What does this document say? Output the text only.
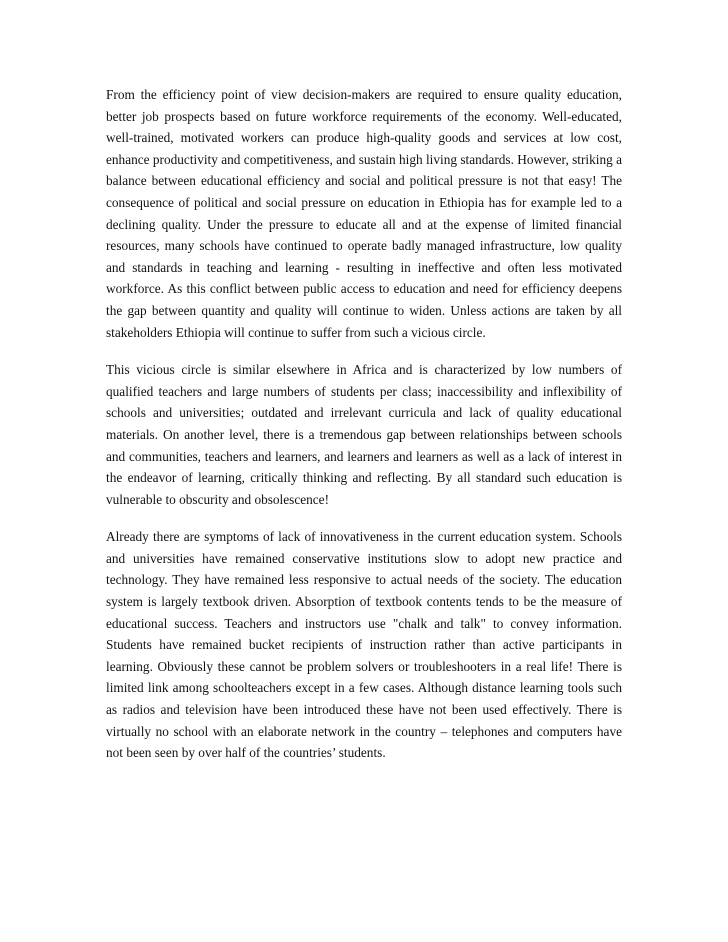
From the efficiency point of view decision-makers are required to ensure quality education, better job prospects based on future workforce requirements of the economy. Well-educated, well-trained, motivated workers can produce high-quality goods and services at low cost, enhance productivity and competitiveness, and sustain high living standards. However, striking a balance between educational efficiency and social and political pressure is not that easy! The consequence of political and social pressure on education in Ethiopia has for example led to a declining quality. Under the pressure to educate all and at the expense of limited financial resources, many schools have continued to operate badly managed infrastructure, low quality and standards in teaching and learning - resulting in ineffective and often less motivated workforce. As this conflict between public access to education and need for efficiency deepens the gap between quantity and quality will continue to widen. Unless actions are taken by all stakeholders Ethiopia will continue to suffer from such a vicious circle.

This vicious circle is similar elsewhere in Africa and is characterized by low numbers of qualified teachers and large numbers of students per class; inaccessibility and inflexibility of schools and universities; outdated and irrelevant curricula and lack of quality educational materials. On another level, there is a tremendous gap between relationships between schools and communities, teachers and learners, and learners and learners as well as a lack of interest in the endeavor of learning, critically thinking and reflecting. By all standard such education is vulnerable to obscurity and obsolescence!

Already there are symptoms of lack of innovativeness in the current education system. Schools and universities have remained conservative institutions slow to adopt new practice and technology. They have remained less responsive to actual needs of the society. The education system is largely textbook driven. Absorption of textbook contents tends to be the measure of educational success. Teachers and instructors use "chalk and talk" to convey information. Students have remained bucket recipients of instruction rather than active participants in learning. Obviously these cannot be problem solvers or troubleshooters in a real life! There is limited link among schoolteachers except in a few cases. Although distance learning tools such as radios and television have been introduced these have not been used effectively. There is virtually no school with an elaborate network in the country – telephones and computers have not been seen by over half of the countries’ students.
